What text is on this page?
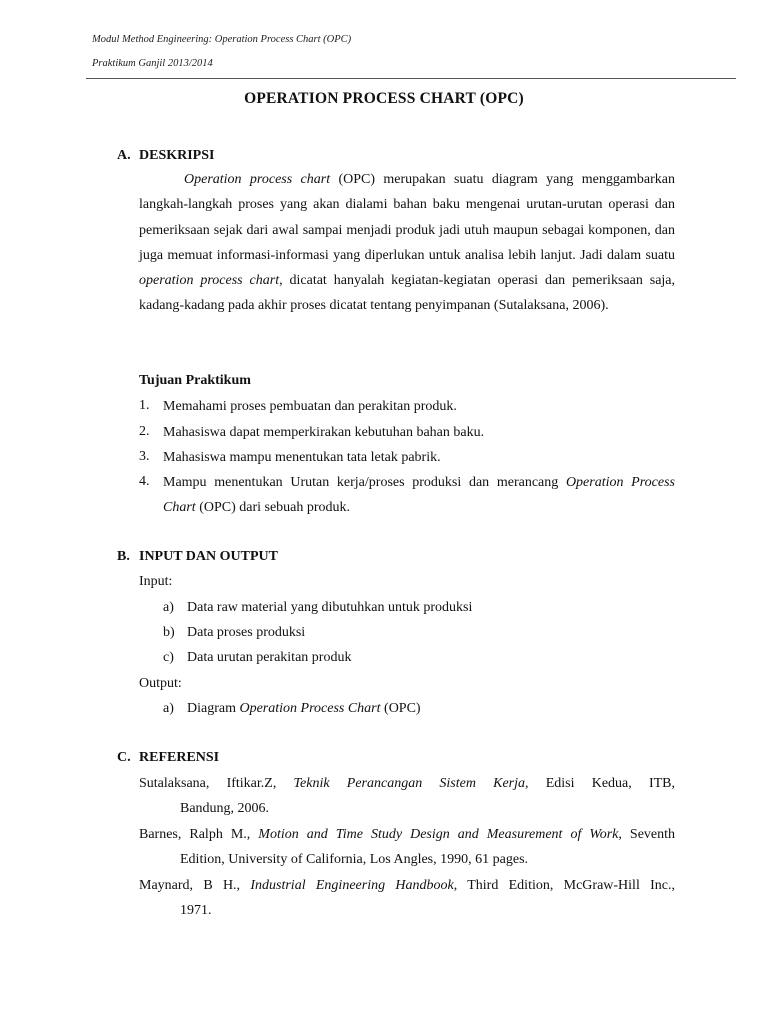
Modul Method Engineering: Operation Process Chart (OPC)
Praktikum Ganjil 2013/2014
OPERATION PROCESS CHART (OPC)
A. DESKRIPSI
Operation process chart (OPC) merupakan suatu diagram yang menggambarkan langkah-langkah proses yang akan dialami bahan baku mengenai urutan-urutan operasi dan pemeriksaan sejak dari awal sampai menjadi produk jadi utuh maupun sebagai komponen, dan juga memuat informasi-informasi yang diperlukan untuk analisa lebih lanjut. Jadi dalam suatu operation process chart, dicatat hanyalah kegiatan-kegiatan operasi dan pemeriksaan saja, kadang-kadang pada akhir proses dicatat tentang penyimpanan (Sutalaksana, 2006).
Tujuan Praktikum
1. Memahami proses pembuatan dan perakitan produk.
2. Mahasiswa dapat memperkirakan kebutuhan bahan baku.
3. Mahasiswa mampu menentukan tata letak pabrik.
4. Mampu menentukan Urutan kerja/proses produksi dan merancang Operation Process Chart (OPC) dari sebuah produk.
B. INPUT DAN OUTPUT
Input:
a) Data raw material yang dibutuhkan untuk produksi
b) Data proses produksi
c) Data urutan perakitan produk
Output:
a) Diagram Operation Process Chart (OPC)
C. REFERENSI
Sutalaksana, Iftikar.Z, Teknik Perancangan Sistem Kerja, Edisi Kedua, ITB,
Bandung, 2006.
Barnes, Ralph M., Motion and Time Study Design and Measurement of Work, Seventh
Edition, University of California, Los Angles, 1990, 61 pages.
Maynard, B H., Industrial Engineering Handbook, Third Edition, McGraw-Hill Inc.,
1971.
